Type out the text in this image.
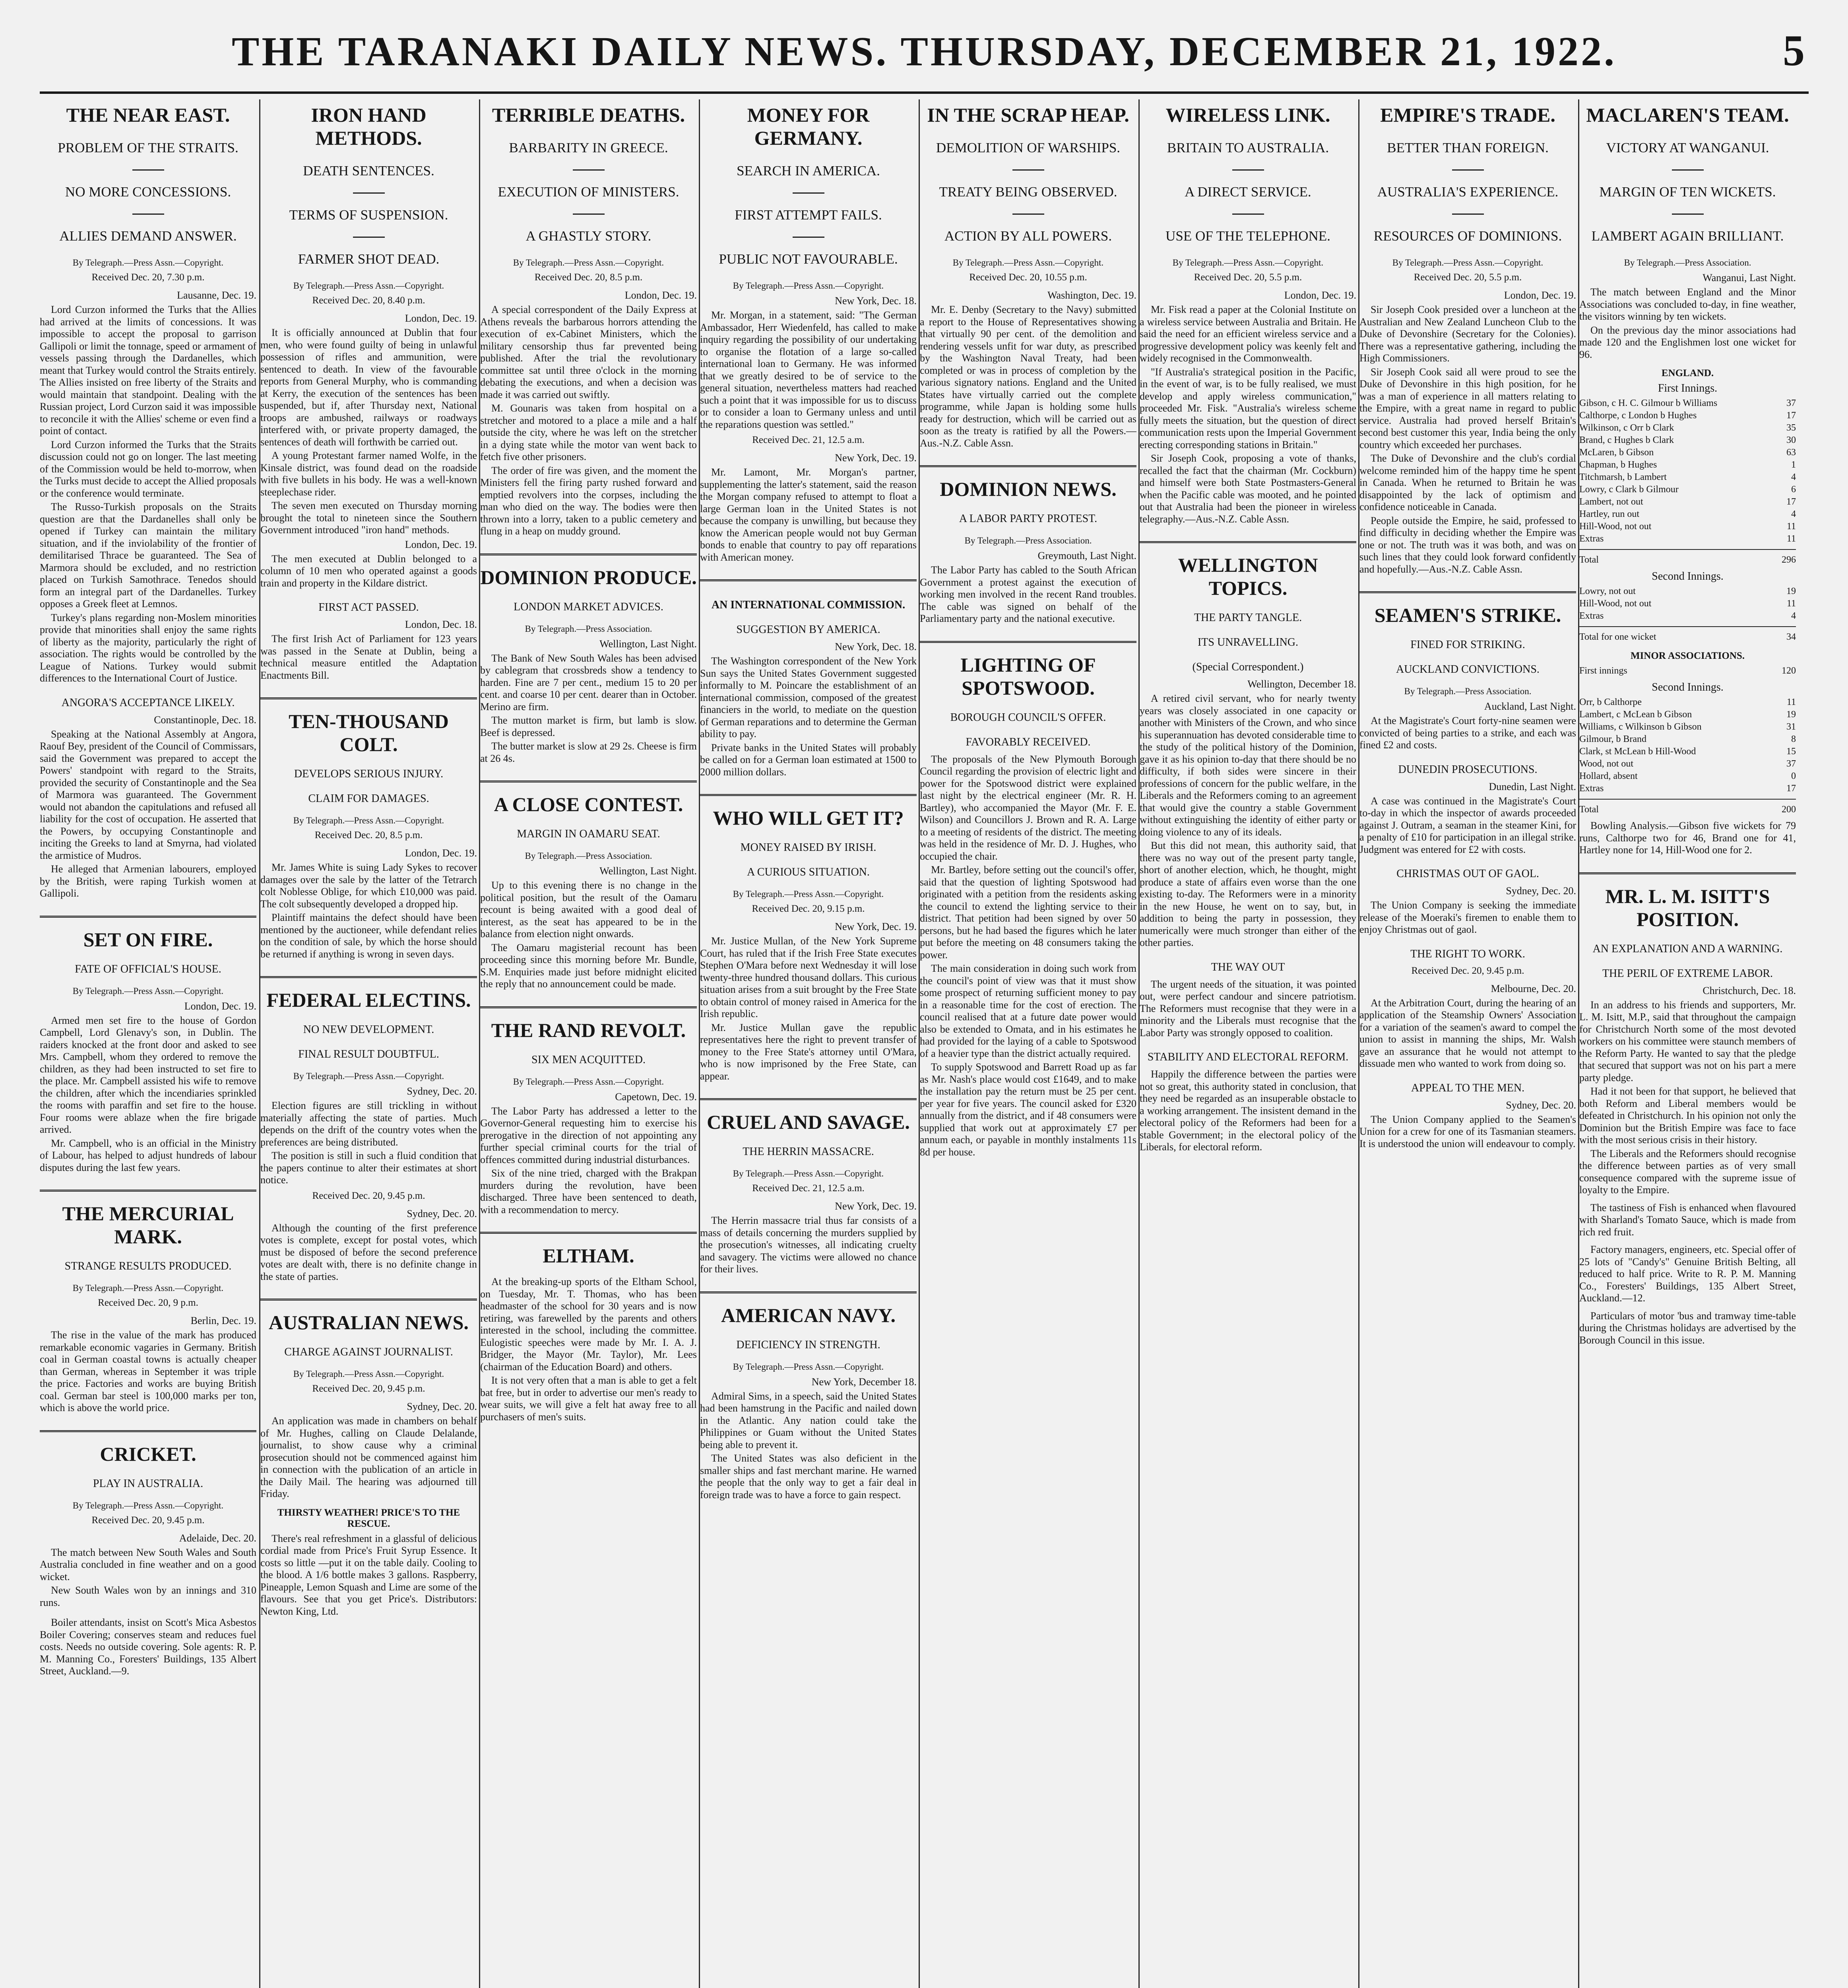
THE TARANAKI DAILY NEWS. THURSDAY, DECEMBER 21, 1922.	5
THE NEAR EAST.
PROBLEM OF THE STRAITS.
NO MORE CONCESSIONS.
ALLIES DEMAND ANSWER.
By Telegraph.—Press Assn.—Copyright.
Received Dec. 20, 7.30 p.m.
Lausanne, Dec. 19.

Lord Curzon informed the Turks that the Allies had arrived at the limits of concessions. It was impossible to accept the proposal to garrison Gallipoli or limit the tonnage, speed or armament of vessels passing through the Dardanelles, which meant that Turkey would control the Straits entirely. The Allies insisted on free liberty of the Straits and would maintain that standpoint. Dealing with the Russian project, Lord Curzon said it was impossible to reconcile it with the Allies' scheme or even find a point of contact.

Lord Curzon informed the Turks that the Straits discussion could not go on longer. The last meeting of the Commission would be held to-morrow, when the Turks must decide to accept the Allied proposals or the conference would terminate.

The Russo-Turkish proposals on the Straits question are that the Dardanelles shall only be opened if Turkey can maintain the military situation, and if the inviolability of the frontier of demilitarised Thrace be guaranteed. The Sea of Marmora should be excluded, and no restriction placed on Turkish Samothrace. Tenedos should form an integral part of the Dardanelles. Turkey opposes a Greek fleet at Lemnos.

Turkey's plans regarding non-Moslem minorities provide that minorities shall enjoy the same rights of liberty as the majority, particularly the right of association. The rights would be controlled by the League of Nations. Turkey would submit differences to the International Court of Justice.

ANGORA'S ACCEPTANCE LIKELY.
Constantinople, Dec. 18.

Speaking at the National Assembly at Angora, Raouf Bey, president of the Council of Commissars, said the Government was prepared to accept the Powers' standpoint with regard to the Straits, provided the security of Constantinople and the Sea of Marmora was guaranteed. The Government would not abandon the capitulations and refused all liability for the cost of occupation. He asserted that the Powers, by occupying Constantinople and inciting the Greeks to land at Smyrna, had violated the armistice of Mudros.

He alleged that Armenian labourers, employed by the British, were raping Turkish women at Gallipoli.

SET ON FIRE.
FATE OF OFFICIAL'S HOUSE.
By Telegraph.—Press Assn.—Copyright.
London, Dec. 19.

Armed men set fire to the house of Gordon Campbell, Lord Glenavy's son, in Dublin. The raiders knocked at the front door and asked to see Mrs. Campbell, whom they ordered to remove the children, as they had been instructed to set fire to the place. Mr. Campbell assisted his wife to remove the children, after which the incendiaries sprinkled the rooms with paraffin and set fire to the house. Four rooms were ablaze when the fire brigade arrived.

Mr. Campbell, who is an official in the Ministry of Labour, has helped to adjust hundreds of labour disputes during the last few years.

THE MERCURIAL MARK.
STRANGE RESULTS PRODUCED.
By Telegraph.—Press Assn.—Copyright.
Received Dec. 20, 9 p.m.
Berlin, Dec. 19.

The rise in the value of the mark has produced remarkable economic vagaries in Germany. British coal in German coastal towns is actually cheaper than German, whereas in September it was triple the price. Factories and works are buying British coal. German bar steel is 100,000 marks per ton, which is above the world price.

CRICKET.
PLAY IN AUSTRALIA.
By Telegraph.—Press Assn.—Copyright.
Received Dec. 20, 9.45 p.m.
Adelaide, Dec. 20.

The match between New South Wales and South Australia concluded in fine weather and on a good wicket.

New South Wales won by an innings and 310 runs.

Boiler attendants, insist on Scott's Mica Asbestos Boiler Covering; conserves steam and reduces fuel costs. Needs no outside covering. Sole agents: R. P. M. Manning Co., Foresters' Buildings, 135 Albert Street, Auckland.—9.

IRON HAND METHODS.
DEATH SENTENCES.
TERMS OF SUSPENSION.
FARMER SHOT DEAD.
By Telegraph.—Press Assn.—Copyright.
Received Dec. 20, 8.40 p.m.
London, Dec. 19.

It is officially announced at Dublin that four men, who were found guilty of being in unlawful possession of rifles and ammunition, were sentenced to death. In view of the favourable reports from General Murphy, who is commanding at Kerry, the execution of the sentences has been suspended, but if, after Thursday next, National troops are ambushed, railways or roadways interfered with, or private property damaged, the sentences of death will forthwith be carried out.

A young Protestant farmer named Wolfe, in the Kinsale district, was found dead on the roadside with five bullets in his body. He was a well-known steeplechase rider.

The seven men executed on Thursday morning brought the total to nineteen since the Southern Government introduced "iron hand" methods.

London, Dec. 19.

The men executed at Dublin belonged to a column of 10 men who operated against a goods train and property in the Kildare district.

FIRST ACT PASSED.
London, Dec. 18.

The first Irish Act of Parliament for 123 years was passed in the Senate at Dublin, being a technical measure entitled the Adaptation Enactments Bill.

TEN-THOUSAND COLT.
DEVELOPS SERIOUS INJURY.
CLAIM FOR DAMAGES.
By Telegraph.—Press Assn.—Copyright.
Received Dec. 20, 8.5 p.m.
London, Dec. 19.

Mr. James White is suing Lady Sykes to recover damages over the sale by the latter of the Tetrarch colt Noblesse Oblige, for which £10,000 was paid. The colt subsequently developed a dropped hip.

Plaintiff maintains the defect should have been mentioned by the auctioneer, while defendant relies on the condition of sale, by which the horse should be returned if anything is wrong in seven days.

FEDERAL ELECTINS.
NO NEW DEVELOPMENT.
FINAL RESULT DOUBTFUL.
By Telegraph.—Press Assn.—Copyright.
Sydney, Dec. 20.

Election figures are still trickling in without materially affecting the state of parties. Much depends on the drift of the country votes when the preferences are being distributed.

The position is still in such a fluid condition that the papers continue to alter their estimates at short notice.

Received Dec. 20, 9.45 p.m.
Sydney, Dec. 20.

Although the counting of the first preference votes is complete, except for postal votes, which must be disposed of before the second preference votes are dealt with, there is no definite change in the state of parties.

AUSTRALIAN NEWS.
CHARGE AGAINST JOURNALIST.
By Telegraph.—Press Assn.—Copyright.
Received Dec. 20, 9.45 p.m.
Sydney, Dec. 20.

An application was made in chambers on behalf of Mr. Hughes, calling on Claude Delalande, journalist, to show cause why a criminal prosecution should not be commenced against him in connection with the publication of an article in the Daily Mail. The hearing was adjourned till Friday.

THIRSTY WEATHER! PRICE'S TO THE RESCUE.

There's real refreshment in a glassful of delicious cordial made from Price's Fruit Syrup Essence. It costs so little —put it on the table daily. Cooling to the blood. A 1/6 bottle makes 3 gallons. Raspberry, Pineapple, Lemon Squash and Lime are some of the flavours. See that you get Price's. Distributors: Newton King, Ltd.

TERRIBLE DEATHS.
BARBARITY IN GREECE.
EXECUTION OF MINISTERS.
A GHASTLY STORY.
By Telegraph.—Press Assn.—Copyright.
Received Dec. 20, 8.5 p.m.
London, Dec. 19.

A special correspondent of the Daily Express at Athens reveals the barbarous horrors attending the execution of ex-Cabinet Ministers, which the military censorship thus far prevented being published. After the trial the revolutionary committee sat until three o'clock in the morning debating the executions, and when a decision was made it was carried out swiftly.

M. Gounaris was taken from hospital on a stretcher and motored to a place a mile and a half outside the city, where he was left on the stretcher in a dying state while the motor van went back to fetch five other prisoners.

The order of fire was given, and the moment the Ministers fell the firing party rushed forward and emptied revolvers into the corpses, including the man who died on the way. The bodies were then thrown into a lorry, taken to a public cemetery and flung in a heap on muddy ground.

DOMINION PRODUCE.
LONDON MARKET ADVICES.
By Telegraph.—Press Association.
Wellington, Last Night.

The Bank of New South Wales has been advised by cablegram that crossbreds show a tendency to harden. Fine are 7 per cent., medium 15 to 20 per cent. and coarse 10 per cent. dearer than in October. Merino are firm.

The mutton market is firm, but lamb is slow. Beef is depressed.

The butter market is slow at 29 2s. Cheese is firm at 26 4s.

A CLOSE CONTEST.
MARGIN IN OAMARU SEAT.
By Telegraph.—Press Association.
Wellington, Last Night.

Up to this evening there is no change in the political position, but the result of the Oamaru recount is being awaited with a good deal of interest, as the seat has appeared to be in the balance from election night onwards.

The Oamaru magisterial recount has been proceeding since this morning before Mr. Bundle, S.M. Enquiries made just before midnight elicited the reply that no announcement could be made.

THE RAND REVOLT.
SIX MEN ACQUITTED.
By Telegraph.—Press Assn.—Copyright.
Capetown, Dec. 19.

The Labor Party has addressed a letter to the Governor-General requesting him to exercise his prerogative in the direction of not appointing any further special criminal courts for the trial of offences committed during industrial disturbances.

Six of the nine tried, charged with the Brakpan murders during the revolution, have been discharged. Three have been sentenced to death, with a recommendation to mercy.

ELTHAM.

At the breaking-up sports of the Eltham School, on Tuesday, Mr. T. Thomas, who has been headmaster of the school for 30 years and is now retiring, was farewelled by the parents and others interested in the school, including the committee. Eulogistic speeches were made by Mr. I. A. J. Bridger, the Mayor (Mr. Taylor), Mr. Lees (chairman of the Education Board) and others.

It is not very often that a man is able to get a felt bat free, but in order to advertise our men's ready to wear suits, we will give a felt hat away free to all purchasers of men's suits.

MONEY FOR GERMANY.
SEARCH IN AMERICA.
FIRST ATTEMPT FAILS.
PUBLIC NOT FAVOURABLE.
By Telegraph.—Press Assn.—Copyright.
New York, Dec. 18.

Mr. Morgan, in a statement, said: "The German Ambassador, Herr Wiedenfeld, has called to make inquiry regarding the possibility of our undertaking to organise the flotation of a large so-called international loan to Germany. He was informed that we greatly desired to be of service to the general situation, nevertheless matters had reached such a point that it was impossible for us to discuss or to consider a loan to Germany unless and until the reparations question was settled."

Received Dec. 21, 12.5 a.m.
New York, Dec. 19.

Mr. Lamont, Mr. Morgan's partner, supplementing the latter's statement, said the reason the Morgan company refused to attempt to float a large German loan in the United States is not because the company is unwilling, but because they know the American people would not buy German bonds to enable that country to pay off reparations with American money.

AN INTERNATIONAL COMMISSION.
SUGGESTION BY AMERICA.
New York, Dec. 18.

The Washington correspondent of the New York Sun says the United States Government suggested informally to M. Poincare the establishment of an international commission, composed of the greatest financiers in the world, to mediate on the question of German reparations and to determine the German ability to pay.

Private banks in the United States will probably be called on for a German loan estimated at 1500 to 2000 million dollars.

WHO WILL GET IT?
MONEY RAISED BY IRISH.
A CURIOUS SITUATION.
By Telegraph.—Press Assn.—Copyright.
Received Dec. 20, 9.15 p.m.
New York, Dec. 19.

Mr. Justice Mullan, of the New York Supreme Court, has ruled that if the Irish Free State executes Stephen O'Mara before next Wednesday it will lose twenty-three hundred thousand dollars. This curious situation arises from a suit brought by the Free State to obtain control of money raised in America for the Irish republic.

Mr. Justice Mullan gave the republic representatives here the right to prevent transfer of money to the Free State's attorney until O'Mara, who is now imprisoned by the Free State, can appear.

CRUEL AND SAVAGE.
THE HERRIN MASSACRE.
By Telegraph.—Press Assn.—Copyright.
Received Dec. 21, 12.5 a.m.
New York, Dec. 19.

The Herrin massacre trial thus far consists of a mass of details concerning the murders supplied by the prosecution's witnesses, all indicating cruelty and savagery. The victims were allowed no chance for their lives.

AMERICAN NAVY.
DEFICIENCY IN STRENGTH.
By Telegraph.—Press Assn.—Copyright.
New York, December 18.

Admiral Sims, in a speech, said the United States had been hamstrung in the Pacific and nailed down in the Atlantic. Any nation could take the Philippines or Guam without the United States being able to prevent it.

The United States was also deficient in the smaller ships and fast merchant marine. He warned the people that the only way to get a fair deal in foreign trade was to have a force to gain respect.

IN THE SCRAP HEAP.
DEMOLITION OF WARSHIPS.
TREATY BEING OBSERVED.
ACTION BY ALL POWERS.
By Telegraph.—Press Assn.—Copyright.
Received Dec. 20, 10.55 p.m.
Washington, Dec. 19.

Mr. E. Denby (Secretary to the Navy) submitted a report to the House of Representatives showing that virtually 90 per cent. of the demolition and rendering vessels unfit for war duty, as prescribed by the Washington Naval Treaty, had been completed or was in process of completion by the various signatory nations. England and the United States have virtually carried out the complete programme, while Japan is holding some hulls ready for destruction, which will be carried out as soon as the treaty is ratified by all the Powers.—Aus.-N.Z. Cable Assn.

DOMINION NEWS.
A LABOR PARTY PROTEST.
By Telegraph.—Press Association.
Greymouth, Last Night.

The Labor Party has cabled to the South African Government a protest against the execution of working men involved in the recent Rand troubles. The cable was signed on behalf of the Parliamentary party and the national executive.

LIGHTING OF SPOTSWOOD.
BOROUGH COUNCIL'S OFFER.
FAVORABLY RECEIVED.

The proposals of the New Plymouth Borough Council regarding the provision of electric light and power for the Spotswood district were explained last night by the electrical engineer (Mr. R. H. Bartley), who accompanied the Mayor (Mr. F. E. Wilson) and Councillors J. Brown and R. A. Large to a meeting of residents of the district. The meeting was held in the residence of Mr. D. J. Hughes, who occupied the chair.

Mr. Bartley, before setting out the council's offer, said that the question of lighting Spotswood had originated with a petition from the residents asking the council to extend the lighting service to their district. That petition had been signed by over 50 persons, but he had based the figures which he later put before the meeting on 48 consumers taking the power.

The main consideration in doing such work from the council's point of view was that it must show some prospect of returning sufficient money to pay in a reasonable time for the cost of erection. The council realised that at a future date power would also be extended to Omata, and in his estimates he had provided for the laying of a cable to Spotswood of a heavier type than the district actually required.

To supply Spotswood and Barrett Road up as far as Mr. Nash's place would cost £1649, and to make the installation pay the return must be 25 per cent. per year for five years. The council asked for £320 annually from the district, and if 48 consumers were supplied that work out at approximately £7 per annum each, or payable in monthly instalments 11s 8d per house.

WIRELESS LINK.
BRITAIN TO AUSTRALIA.
A DIRECT SERVICE.
USE OF THE TELEPHONE.
By Telegraph.—Press Assn.—Copyright.
Received Dec. 20, 5.5 p.m.
London, Dec. 19.

Mr. Fisk read a paper at the Colonial Institute on a wireless service between Australia and Britain. He said the need for an efficient wireless service and a progressive development policy was keenly felt and widely recognised in the Commonwealth.

"If Australia's strategical position in the Pacific, in the event of war, is to be fully realised, we must develop and apply wireless communication," proceeded Mr. Fisk. "Australia's wireless scheme fully meets the situation, but the question of direct communication rests upon the Imperial Government erecting corresponding stations in Britain."

Sir Joseph Cook, proposing a vote of thanks, recalled the fact that the chairman (Mr. Cockburn) and himself were both State Postmasters-General when the Pacific cable was mooted, and he pointed out that Australia had been the pioneer in wireless telegraphy.—Aus.-N.Z. Cable Assn.

WELLINGTON TOPICS.
THE PARTY TANGLE.
ITS UNRAVELLING.
(Special Correspondent.)
Wellington, December 18.

A retired civil servant, who for nearly twenty years was closely associated in one capacity or another with Ministers of the Crown, and who since his superannuation has devoted considerable time to the study of the political history of the Dominion, gave it as his opinion to-day that there should be no difficulty, if both sides were sincere in their professions of concern for the public welfare, in the Liberals and the Reformers coming to an agreement that would give the country a stable Government without extinguishing the identity of either party or doing violence to any of its ideals.

But this did not mean, this authority said, that there was no way out of the present party tangle, short of another election, which, he thought, might produce a state of affairs even worse than the one existing to-day. The Reformers were in a minority in the new House, he went on to say, but, in addition to being the party in possession, they numerically were much stronger than either of the other parties.

THE WAY OUT

The urgent needs of the situation, it was pointed out, were perfect candour and sincere patriotism. The Reformers must recognise that they were in a minority and the Liberals must recognise that the Labor Party was strongly opposed to coalition.

STABILITY AND ELECTORAL REFORM.

Happily the difference between the parties were not so great, this authority stated in conclusion, that they need be regarded as an insuperable obstacle to a working arrangement. The insistent demand in the electoral policy of the Reformers had been for a stable Government; in the electoral policy of the Liberals, for electoral reform.

EMPIRE'S TRADE.
BETTER THAN FOREIGN.
AUSTRALIA'S EXPERIENCE.
RESOURCES OF DOMINIONS.
By Telegraph.—Press Assn.—Copyright.
Received Dec. 20, 5.5 p.m.
London, Dec. 19.

Sir Joseph Cook presided over a luncheon at the Australian and New Zealand Luncheon Club to the Duke of Devonshire (Secretary for the Colonies). There was a representative gathering, including the High Commissioners.

Sir Joseph Cook said all were proud to see the Duke of Devonshire in this high position, for he was a man of experience in all matters relating to the Empire, with a great name in regard to public service. Australia had proved herself Britain's second best customer this year, India being the only country which exceeded her purchases.

The Duke of Devonshire and the club's cordial welcome reminded him of the happy time he spent in Canada. When he returned to Britain he was disappointed by the lack of optimism and confidence noticeable in Canada.

People outside the Empire, he said, professed to find difficulty in deciding whether the Empire was one or not. The truth was it was both, and was on such lines that they could look forward confidently and hopefully.—Aus.-N.Z. Cable Assn.

SEAMEN'S STRIKE.
FINED FOR STRIKING.
AUCKLAND CONVICTIONS.
By Telegraph.—Press Association.
Auckland, Last Night.

At the Magistrate's Court forty-nine seamen were convicted of being parties to a strike, and each was fined £2 and costs.

DUNEDIN PROSECUTIONS.
Dunedin, Last Night.

A case was continued in the Magistrate's Court to-day in which the inspector of awards proceeded against J. Outram, a seaman in the steamer Kini, for a penalty of £10 for participation in an illegal strike. Judgment was entered for £2 with costs.

CHRISTMAS OUT OF GAOL.
Sydney, Dec. 20.

The Union Company is seeking the immediate release of the Moeraki's firemen to enable them to enjoy Christmas out of gaol.

THE RIGHT TO WORK.
Received Dec. 20, 9.45 p.m.
Melbourne, Dec. 20.

At the Arbitration Court, during the hearing of an application of the Steamship Owners' Association for a variation of the seamen's award to compel the union to assist in manning the ships, Mr. Walsh gave an assurance that he would not attempt to dissuade men who wanted to work from doing so.

APPEAL TO THE MEN.
Sydney, Dec. 20.

The Union Company applied to the Seamen's Union for a crew for one of its Tasmanian steamers. It is understood the union will endeavour to comply.

MACLAREN'S TEAM.
VICTORY AT WANGANUI.
MARGIN OF TEN WICKETS.
LAMBERT AGAIN BRILLIANT.
By Telegraph.—Press Association.
Wanganui, Last Night.

The match between England and the Minor Associations was concluded to-day, in fine weather, the visitors winning by ten wickets.

On the previous day the minor associations had made 120 and the Englishmen lost one wicket for 96.

ENGLAND.
First Innings.
Gibson, c H. C. Gilmour b Williams	37
Calthorpe, c London b Hughes	17
Wilkinson, c Orr b Clark	35
Brand, c Hughes b Clark	30
McLaren, b Gibson	63
Chapman, b Hughes	1
Titchmarsh, b Lambert	4
Lowry, c Clark b Gilmour	6
Lambert, not out	17
Hartley, run out	4
Hill-Wood, not out	11
Extras	11
Total	296
Second Innings.
Lowry, not out	19
Hill-Wood, not out	11
Extras	4
Total for one wicket	34
MINOR ASSOCIATIONS.
First innings	120
Second Innings.
Orr, b Calthorpe	11
Lambert, c McLean b Gibson	19
Williams, c Wilkinson b Gibson	31
Gilmour, b Brand	8
Clark, st McLean b Hill-Wood	15
Wood, not out	37
Hollard, absent	0
Extras	17
Total	200

Bowling Analysis.—Gibson five wickets for 79 runs, Calthorpe two for 46, Brand one for 41, Hartley none for 14, Hill-Wood one for 2.

MR. L. M. ISITT'S POSITION.
AN EXPLANATION AND A WARNING.
THE PERIL OF EXTREME LABOR.
Christchurch, Dec. 18.

In an address to his friends and supporters, Mr. L. M. Isitt, M.P., said that throughout the campaign for Christchurch North some of the most devoted workers on his committee were staunch members of the Reform Party. He wanted to say that the pledge that secured that support was not on his part a mere party pledge.

Had it not been for that support, he believed that both Reform and Liberal members would be defeated in Christchurch. In his opinion not only the Dominion but the British Empire was face to face with the most serious crisis in their history.

The Liberals and the Reformers should recognise the difference between parties as of very small consequence compared with the supreme issue of loyalty to the Empire.

The tastiness of Fish is enhanced when flavoured with Sharland's Tomato Sauce, which is made from rich red fruit.

Factory managers, engineers, etc. Special offer of 25 lots of "Candy's" Genuine British Belting, all reduced to half price. Write to R. P. M. Manning Co., Foresters' Buildings, 135 Albert Street, Auckland.—12.

Particulars of motor 'bus and tramway time-table during the Christmas holidays are advertised by the Borough Council in this issue.
